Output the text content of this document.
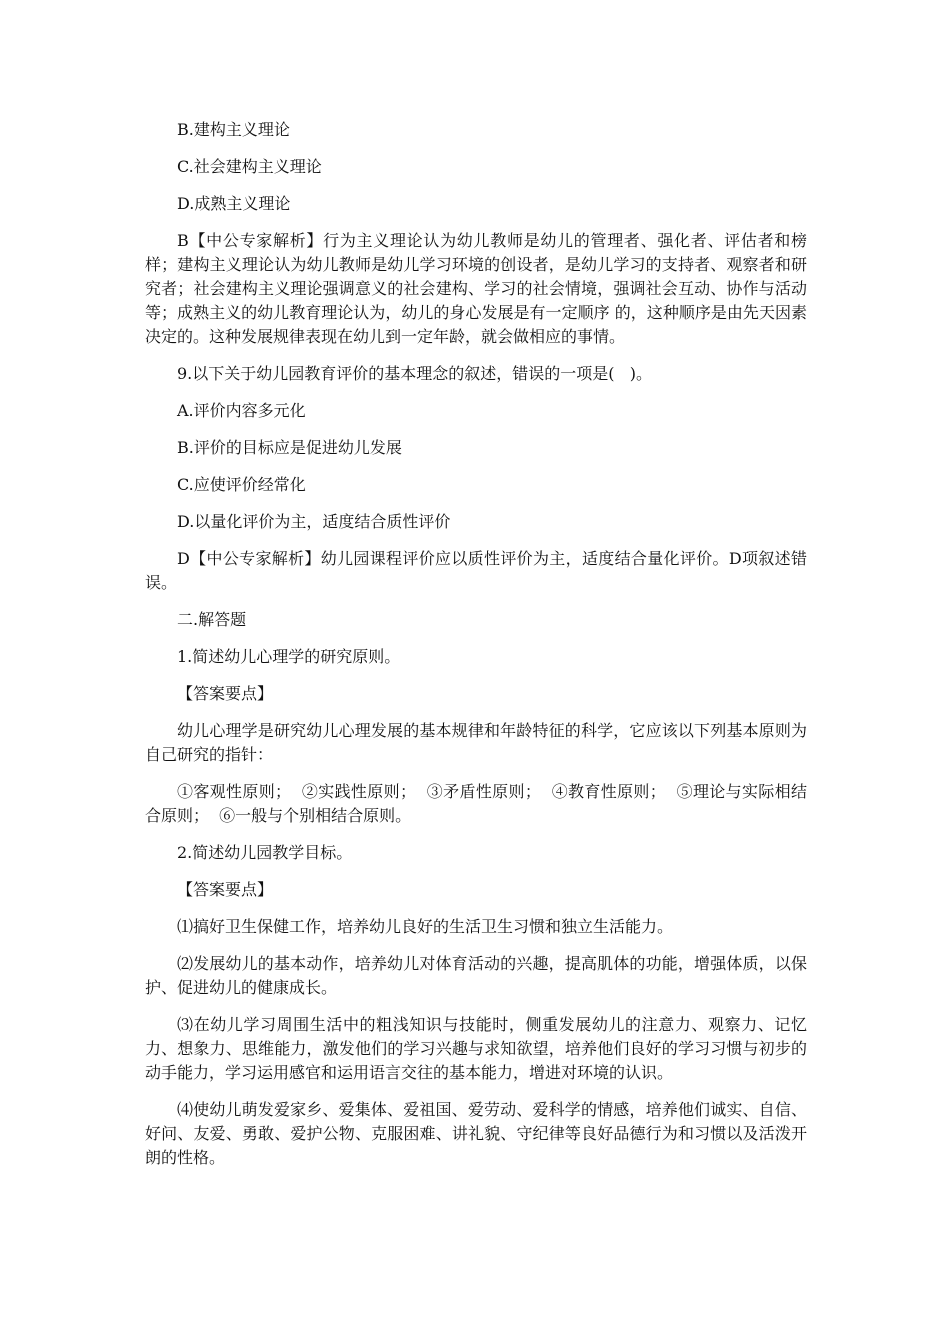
B.建构主义理论

C.社会建构主义理论

D.成熟主义理论

B【中公专家解析】行为主义理论认为幼儿教师是幼儿的管理者、强化者、评估者和榜样；建构主义理论认为幼儿教师是幼儿学习环境的创设者，是幼儿学习的支持者、观察者和研究者；社会建构主义理论强调意义的社会建构、学习的社会情境，强调社会互动、协作与活动等；成熟主义的幼儿教育理论认为，幼儿的身心发展是有一定顺序 的，这种顺序是由先天因素决定的。这种发展规律表现在幼儿到一定年龄，就会做相应的事情。

9.以下关于幼儿园教育评价的基本理念的叙述，错误的一项是(   )。

A.评价内容多元化

B.评价的目标应是促进幼儿发展

C.应使评价经常化

D.以量化评价为主，适度结合质性评价

D【中公专家解析】幼儿园课程评价应以质性评价为主，适度结合量化评价。D项叙述错误。

二.解答题

1.简述幼儿心理学的研究原则。

【答案要点】

幼儿心理学是研究幼儿心理发展的基本规律和年龄特征的科学，它应该以下列基本原则为自己研究的指针：

①客观性原则；  ②实践性原则；  ③矛盾性原则；  ④教育性原则；  ⑤理论与实际相结合原则；  ⑥一般与个别相结合原则。

2.简述幼儿园教学目标。

【答案要点】

⑴搞好卫生保健工作，培养幼儿良好的生活卫生习惯和独立生活能力。

⑵发展幼儿的基本动作，培养幼儿对体育活动的兴趣，提高肌体的功能，增强体质，以保护、促进幼儿的健康成长。

⑶在幼儿学习周围生活中的粗浅知识与技能时，侧重发展幼儿的注意力、观察力、记忆力、想象力、思维能力，激发他们的学习兴趣与求知欲望，培养他们良好的学习习惯与初步的动手能力，学习运用感官和运用语言交往的基本能力，增进对环境的认识。

⑷使幼儿萌发爱家乡、爱集体、爱祖国、爱劳动、爱科学的情感，培养他们诚实、自信、好问、友爱、勇敢、爱护公物、克服困难、讲礼貌、守纪律等良好品德行为和习惯以及活泼开朗的性格。
